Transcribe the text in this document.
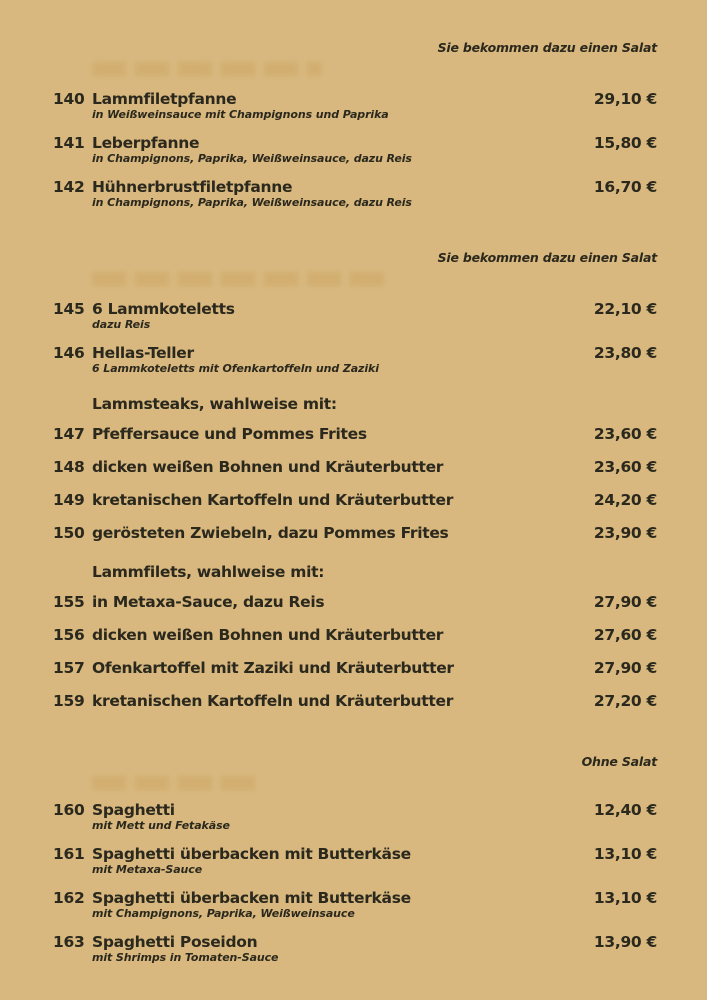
Sie bekommen dazu einen Salat
140 Lammfiletpfanne	29,10 €
in Weißweinsauce mit Champignons und Paprika
141 Leberpfanne	15,80 €
in Champignons, Paprika, Weißweinsauce, dazu Reis
142 Hühnerbrustfiletpfanne	16,70 €
in Champignons, Paprika, Weißweinsauce, dazu Reis
Sie bekommen dazu einen Salat
145 6 Lammkoteletts	22,10 €
dazu Reis
146 Hellas-Teller	23,80 €
6 Lammkoteletts mit Ofenkartoffeln und Zaziki
Lammsteaks, wahlweise mit:
147 Pfeffersauce und Pommes Frites	23,60 €
148 dicken weißen Bohnen und Kräuterbutter	23,60 €
149 kretanischen Kartoffeln und Kräuterbutter	24,20 €
150 gerösteten Zwiebeln, dazu Pommes Frites	23,90 €
Lammfilets, wahlweise mit:
155 in Metaxa-Sauce, dazu Reis	27,90 €
156 dicken weißen Bohnen und Kräuterbutter	27,60 €
157 Ofenkartoffel mit Zaziki und Kräuterbutter	27,90 €
159 kretanischen Kartoffeln und Kräuterbutter	27,20 €
Ohne Salat
160 Spaghetti	12,40 €
mit Mett und Fetakäse
161 Spaghetti überbacken mit Butterkäse	13,10 €
mit Metaxa-Sauce
162 Spaghetti überbacken mit Butterkäse	13,10 €
mit Champignons, Paprika, Weißweinsauce
163 Spaghetti Poseidon	13,90 €
mit Shrimps in Tomaten-Sauce
